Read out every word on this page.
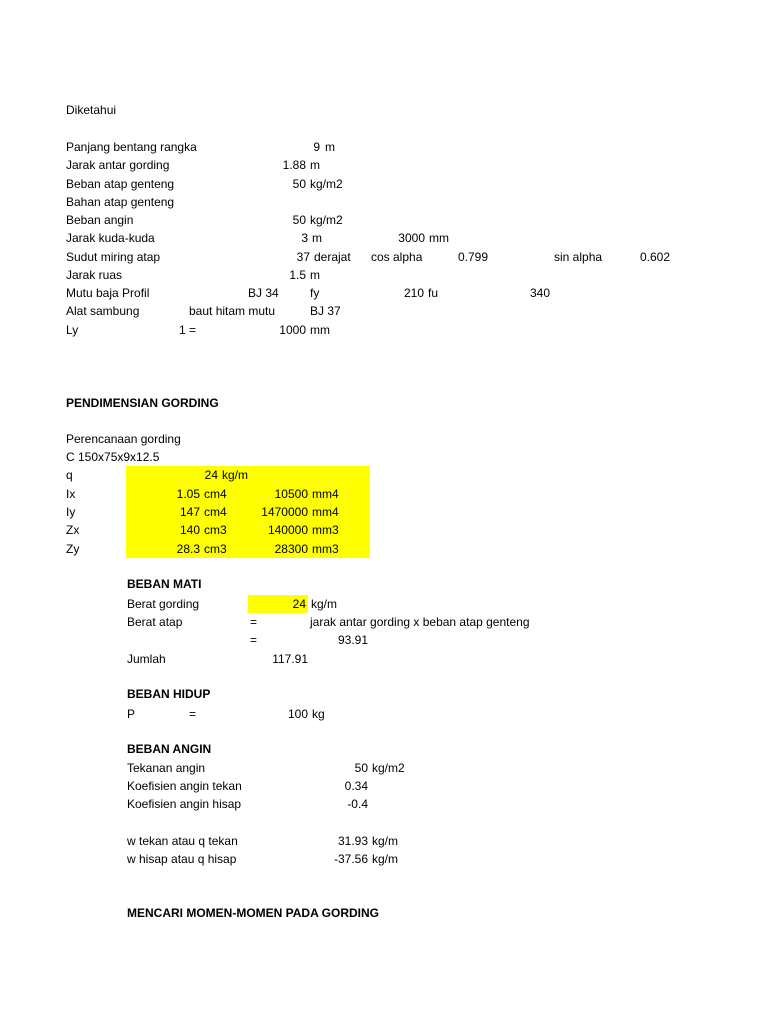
Diketahui
Panjang bentang rangka	9 m
Jarak antar gording	1.88 m
Beban atap genteng	50 kg/m2
Bahan atap genteng
Beban angin	50 kg/m2
Jarak kuda-kuda	3 m	3000 mm
Sudut miring atap	37 derajat cos alpha	0.799	sin alpha	0.602
Jarak ruas	1.5 m
Mutu baja Profil	BJ 34	fy	210 fu	340
Alat sambung	baut hitam mutu	BJ 37
Ly	1 =	1000 mm
PENDIMENSIAN GORDING
Perencanaan gording
C 150x75x9x12.5
q	24 kg/m
Ix	1.05 cm4	10500 mm4
Iy	147 cm4	1470000 mm4
Zx	140 cm3	140000 mm3
Zy	28.3 cm3	28300 mm3
BEBAN MATI
Berat gording	24 kg/m
Berat atap	=	jarak antar gording x beban atap genteng
=	93.91
Jumlah	117.91
BEBAN HIDUP
P	=	100 kg
BEBAN ANGIN
Tekanan angin	50 kg/m2
Koefisien angin tekan	0.34
Koefisien angin hisap	-0.4
w tekan atau q tekan	31.93 kg/m
w hisap atau q hisap	-37.56 kg/m
MENCARI MOMEN-MOMEN PADA GORDING
